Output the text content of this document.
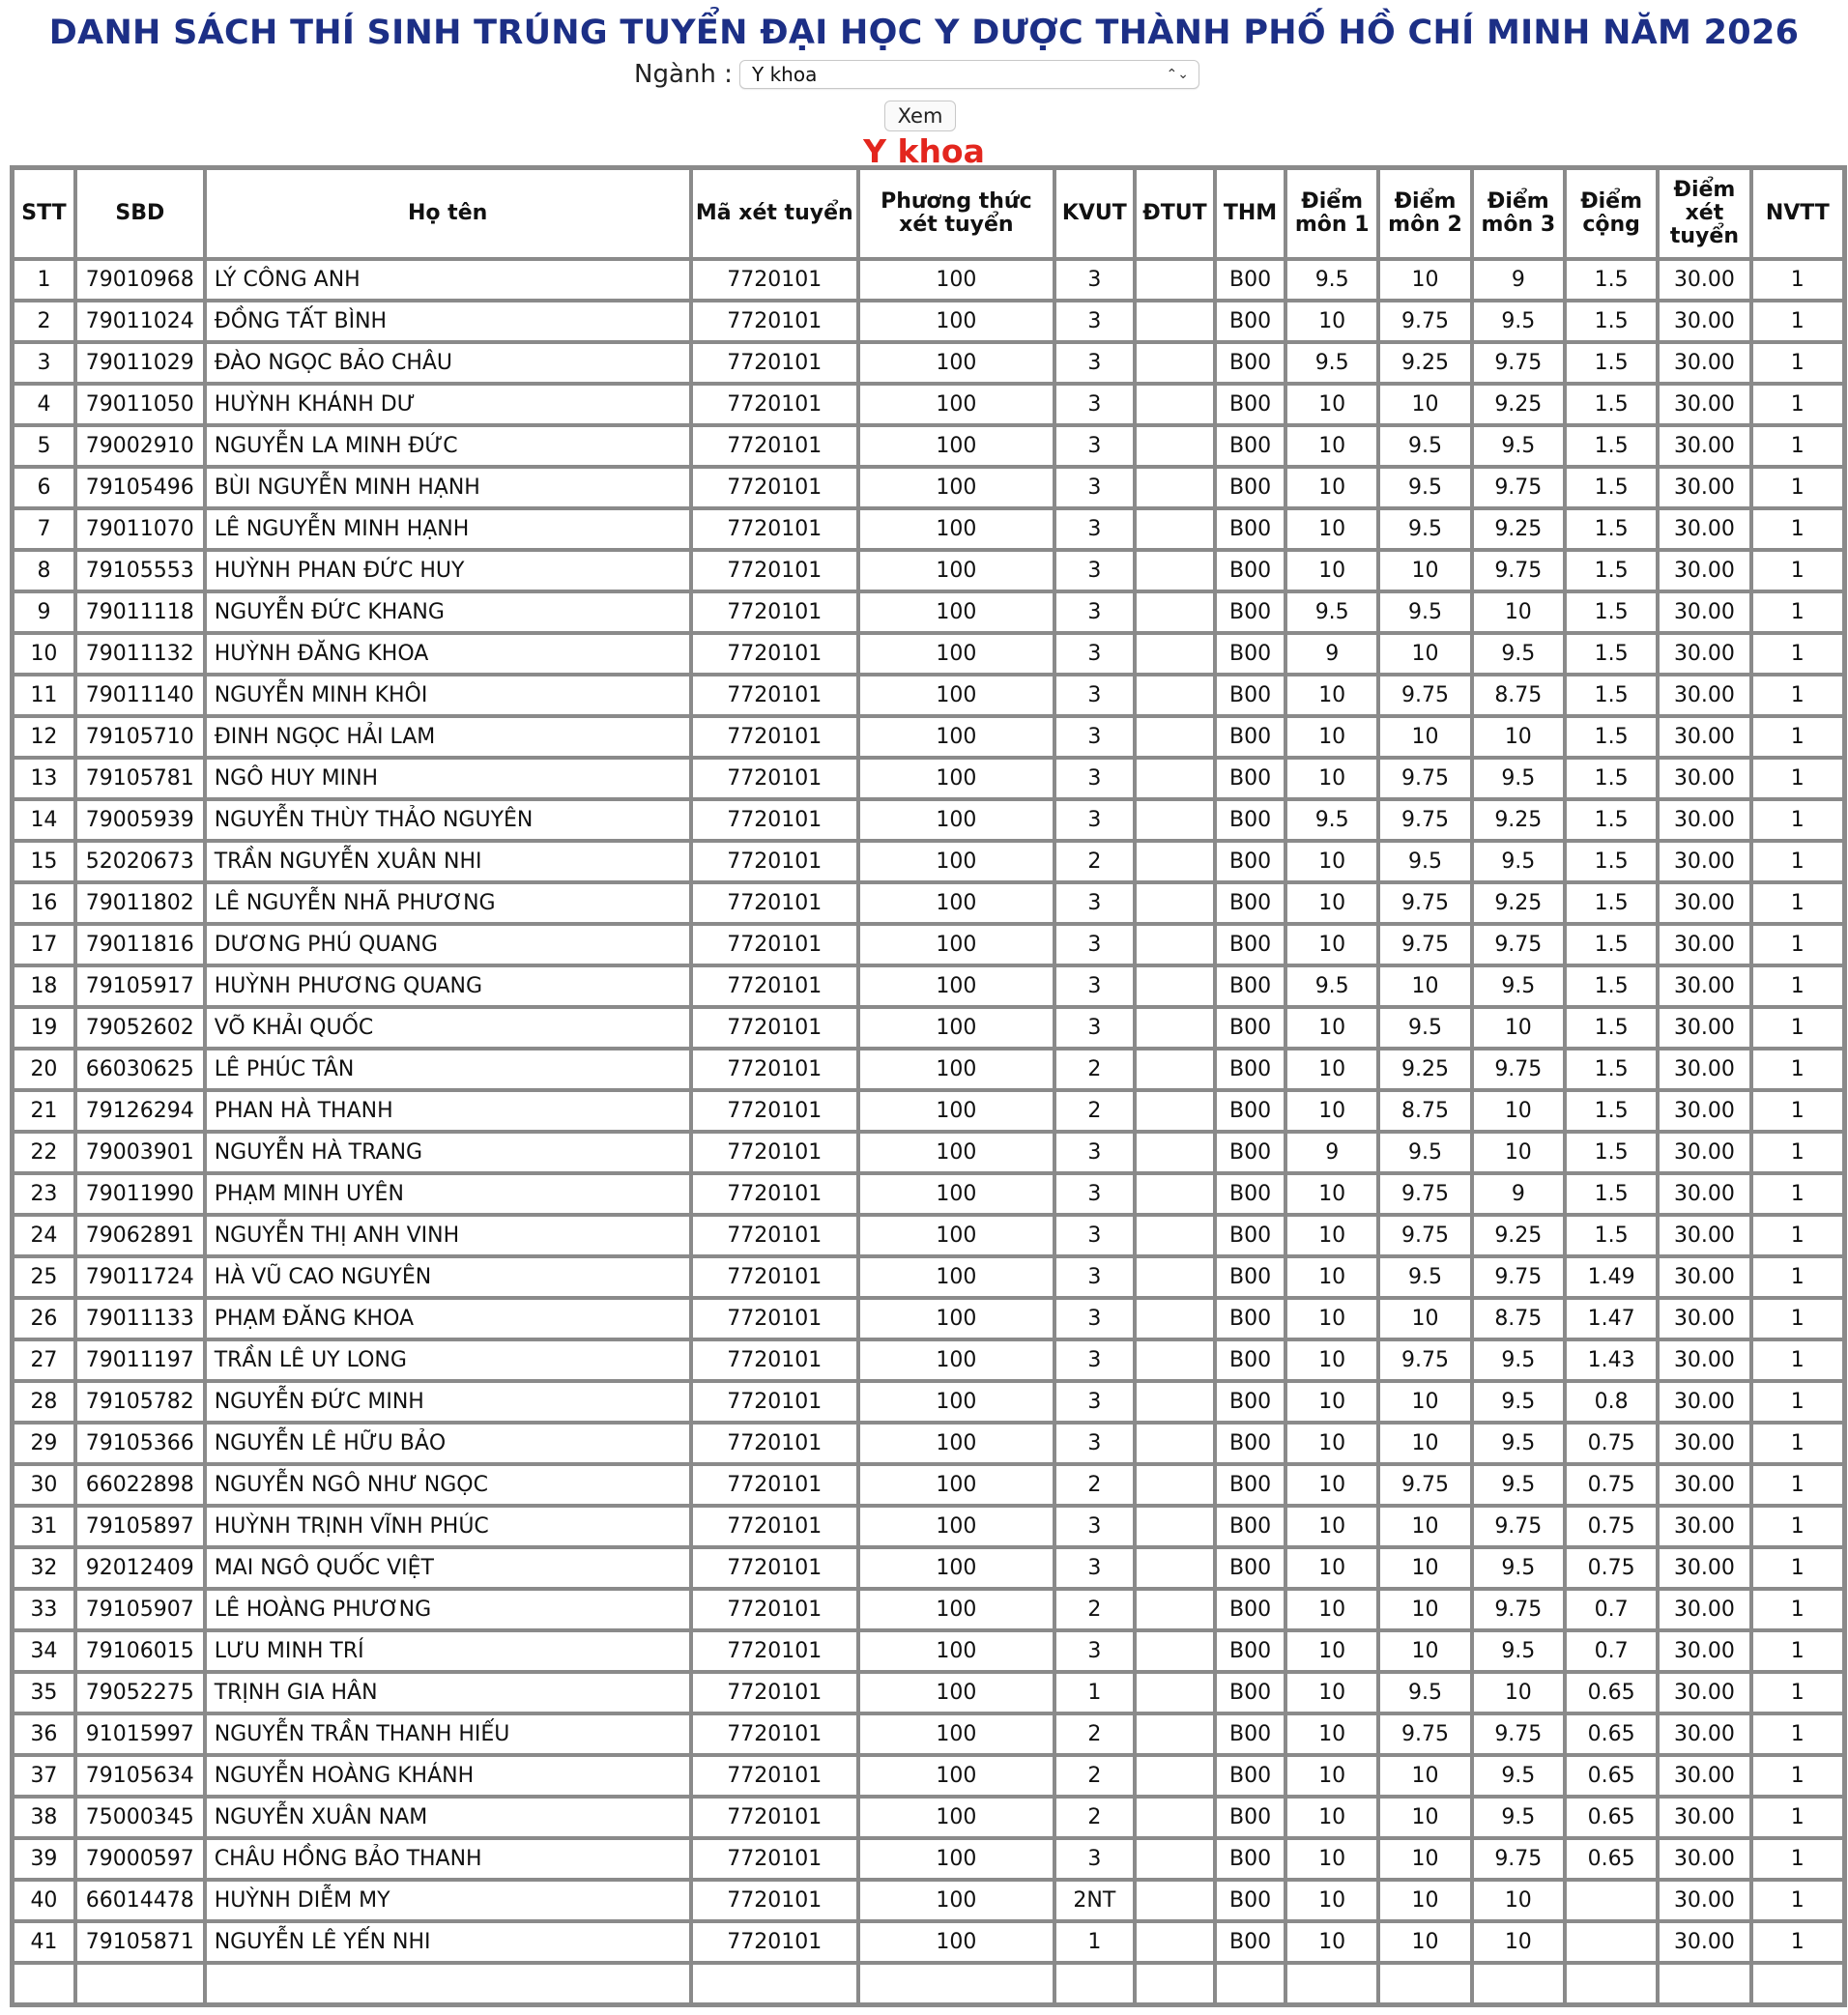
DANH SÁCH THÍ SINH TRÚNG TUYỂN ĐẠI HỌC Y DƯỢC THÀNH PHỐ HỒ CHÍ MINH NĂM 2026
Ngành :	Y khoa	⌃⌄
Xem
Y khoa
STT	SBD	Họ tên	Mã xét tuyển	Phương thức xét tuyển	KVUT	ĐTUT	THM	Điểm môn 1	Điểm môn 2	Điểm môn 3	Điểm cộng	Điểm xét tuyển	NVTT
1	79010968	LÝ CÔNG ANH	7720101	100	3		B00	9.5	10	9	1.5	30.00	1
2	79011024	ĐỒNG TẤT BÌNH	7720101	100	3		B00	10	9.75	9.5	1.5	30.00	1
3	79011029	ĐÀO NGỌC BẢO CHÂU	7720101	100	3		B00	9.5	9.25	9.75	1.5	30.00	1
4	79011050	HUỲNH KHÁNH DƯ	7720101	100	3		B00	10	10	9.25	1.5	30.00	1
5	79002910	NGUYỄN LA MINH ĐỨC	7720101	100	3		B00	10	9.5	9.5	1.5	30.00	1
6	79105496	BÙI NGUYỄN MINH HẠNH	7720101	100	3		B00	10	9.5	9.75	1.5	30.00	1
7	79011070	LÊ NGUYỄN MINH HẠNH	7720101	100	3		B00	10	9.5	9.25	1.5	30.00	1
8	79105553	HUỲNH PHAN ĐỨC HUY	7720101	100	3		B00	10	10	9.75	1.5	30.00	1
9	79011118	NGUYỄN ĐỨC KHANG	7720101	100	3		B00	9.5	9.5	10	1.5	30.00	1
10	79011132	HUỲNH ĐĂNG KHOA	7720101	100	3		B00	9	10	9.5	1.5	30.00	1
11	79011140	NGUYỄN MINH KHÔI	7720101	100	3		B00	10	9.75	8.75	1.5	30.00	1
12	79105710	ĐINH NGỌC HẢI LAM	7720101	100	3		B00	10	10	10	1.5	30.00	1
13	79105781	NGÔ HUY MINH	7720101	100	3		B00	10	9.75	9.5	1.5	30.00	1
14	79005939	NGUYỄN THÙY THẢO NGUYÊN	7720101	100	3		B00	9.5	9.75	9.25	1.5	30.00	1
15	52020673	TRẦN NGUYỄN XUÂN NHI	7720101	100	2		B00	10	9.5	9.5	1.5	30.00	1
16	79011802	LÊ NGUYỄN NHÃ PHƯƠNG	7720101	100	3		B00	10	9.75	9.25	1.5	30.00	1
17	79011816	DƯƠNG PHÚ QUANG	7720101	100	3		B00	10	9.75	9.75	1.5	30.00	1
18	79105917	HUỲNH PHƯƠNG QUANG	7720101	100	3		B00	9.5	10	9.5	1.5	30.00	1
19	79052602	VÕ KHẢI QUỐC	7720101	100	3		B00	10	9.5	10	1.5	30.00	1
20	66030625	LÊ PHÚC TÂN	7720101	100	2		B00	10	9.25	9.75	1.5	30.00	1
21	79126294	PHAN HÀ THANH	7720101	100	2		B00	10	8.75	10	1.5	30.00	1
22	79003901	NGUYỄN HÀ TRANG	7720101	100	3		B00	9	9.5	10	1.5	30.00	1
23	79011990	PHẠM MINH UYÊN	7720101	100	3		B00	10	9.75	9	1.5	30.00	1
24	79062891	NGUYỄN THỊ ANH VINH	7720101	100	3		B00	10	9.75	9.25	1.5	30.00	1
25	79011724	HÀ VŨ CAO NGUYÊN	7720101	100	3		B00	10	9.5	9.75	1.49	30.00	1
26	79011133	PHẠM ĐĂNG KHOA	7720101	100	3		B00	10	10	8.75	1.47	30.00	1
27	79011197	TRẦN LÊ UY LONG	7720101	100	3		B00	10	9.75	9.5	1.43	30.00	1
28	79105782	NGUYỄN ĐỨC MINH	7720101	100	3		B00	10	10	9.5	0.8	30.00	1
29	79105366	NGUYỄN LÊ HỮU BẢO	7720101	100	3		B00	10	10	9.5	0.75	30.00	1
30	66022898	NGUYỄN NGÔ NHƯ NGỌC	7720101	100	2		B00	10	9.75	9.5	0.75	30.00	1
31	79105897	HUỲNH TRỊNH VĨNH PHÚC	7720101	100	3		B00	10	10	9.75	0.75	30.00	1
32	92012409	MAI NGÔ QUỐC VIỆT	7720101	100	3		B00	10	10	9.5	0.75	30.00	1
33	79105907	LÊ HOÀNG PHƯƠNG	7720101	100	2		B00	10	10	9.75	0.7	30.00	1
34	79106015	LƯU MINH TRÍ	7720101	100	3		B00	10	10	9.5	0.7	30.00	1
35	79052275	TRỊNH GIA HÂN	7720101	100	1		B00	10	9.5	10	0.65	30.00	1
36	91015997	NGUYỄN TRẦN THANH HIẾU	7720101	100	2		B00	10	9.75	9.75	0.65	30.00	1
37	79105634	NGUYỄN HOÀNG KHÁNH	7720101	100	2		B00	10	10	9.5	0.65	30.00	1
38	75000345	NGUYỄN XUÂN NAM	7720101	100	2		B00	10	10	9.5	0.65	30.00	1
39	79000597	CHÂU HỒNG BẢO THANH	7720101	100	3		B00	10	10	9.75	0.65	30.00	1
40	66014478	HUỲNH DIỄM MY	7720101	100	2NT		B00	10	10	10		30.00	1
41	79105871	NGUYỄN LÊ YẾN NHI	7720101	100	1		B00	10	10	10		30.00	1
